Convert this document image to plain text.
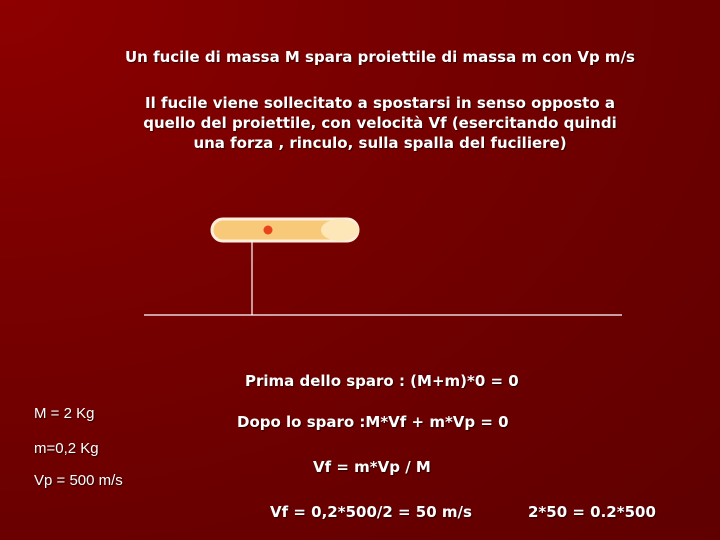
Un fucile di massa M spara proiettile di massa m con Vp m/s
Il fucile viene sollecitato a spostarsi in senso opposto a
quello del proiettile, con velocità Vf (esercitando quindi
una forza , rinculo, sulla spalla del fuciliere)
Prima dello sparo : (M+m)*0 = 0
Dopo lo sparo :M*Vf + m*Vp = 0
Vf = m*Vp / M
Vf = 0,2*500/2 = 50 m/s	2*50 = 0.2*500
M = 2 Kg
m=0,2 Kg
Vp = 500 m/s
